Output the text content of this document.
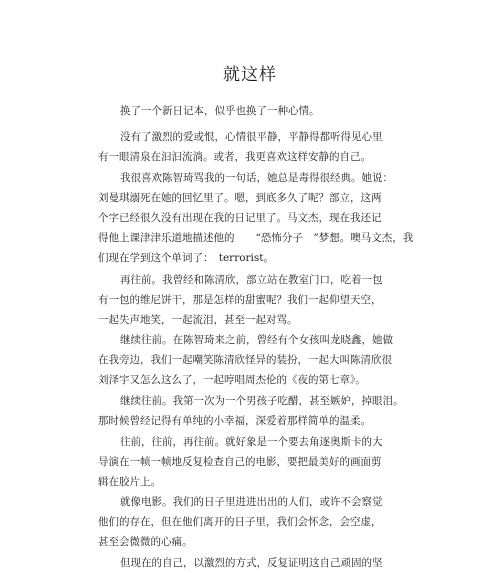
就这样
换了一个新日记本，似乎也换了一种心情。
没有了激烈的爱或恨，心情很平静，平静得都听得见心里
有一眼清泉在汩汩流淌。或者，我更喜欢这样安静的自己。
我很喜欢陈智琦骂我的一句话，她总是毒得很经典。她说：
刘曼琪溺死在她的回忆里了。嗯，到底多久了呢？部立，这两
个字已经很久没有出现在我的日记里了。马文杰，现在我还记
得他上课津津乐道地描述他的　　“恐怖分子　”梦想。噢马文杰，我
们现在学到这个单词了：　terrorist。
再往前。我曾经和陈清欣，部立站在教室门口，吃着一包
有一包的维尼饼干，那是怎样的甜蜜呢？我们一起仰望天空，
一起失声地笑，一起流泪，甚至一起对骂。
继续往前。在陈智琦来之前，曾经有个女孩叫龙晓鑫，她做
在我旁边，我们一起嘲笑陈清欣怪异的装扮，一起大叫陈清欣很
刘泽宇又怎么这么了，一起哼唱周杰伦的《夜的第七章》。
继续往前。我第一次为一个男孩子吃醋，甚至嫉妒，掉眼泪。
那时候曾经记得有单纯的小幸福，深爱着那样简单的温柔。
往前，往前，再往前。就好象是一个要去角逐奥斯卡的大
导演在一帧一帧地反复检查自己的电影，要把最美好的画面剪
辑在胶片上。
就像电影。我们的日子里进进出出的人们，或许不会察觉
他们的存在，但在他们离开的日子里，我们会怀念，会空虚，
甚至会微微的心痛。
但现在的自己，以激烈的方式，反复证明这自己顽固的坚
